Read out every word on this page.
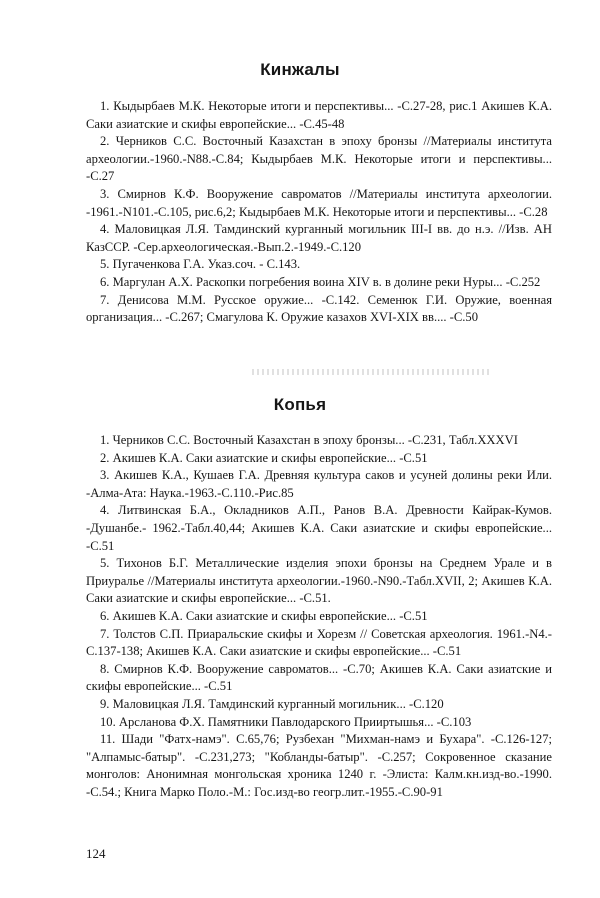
Кинжалы

1. Кыдырбаев М.К. Некоторые итоги и перспективы... -С.27-28, рис.1 Акишев К.А. Саки азиатские и скифы европейские... -С.45-48

2. Черников С.С. Восточный Казахстан в эпоху бронзы //Материалы института археологии.-1960.-N88.-С.84; Кыдырбаев М.К. Некоторые итоги и перспективы... -С.27

3. Смирнов К.Ф. Вооружение савроматов //Материалы института археологии. -1961.-N101.-С.105, рис.6,2; Кыдырбаев М.К. Некоторые итоги и перспективы... -С.28

4. Маловицкая Л.Я. Тамдинский курганный могильник III-I вв. до н.э. //Изв. АН КазССР. -Сер.археологическая.-Вып.2.-1949.-С.120

5. Пугаченкова Г.А. Указ.соч. - С.143.

6. Маргулан А.Х. Раскопки погребения воина XIV в. в долине реки Нуры... -С.252

7. Денисова М.М. Русское оружие... -С.142. Семенюк Г.И. Оружие, военная организация... -С.267; Смагулова К. Оружие казахов XVI-XIX вв.... -С.50

Копья

1. Черников С.С. Восточный Казахстан в эпоху бронзы... -С.231, Табл.XXXVI

2. Акишев К.А. Саки азиатские и скифы европейские... -С.51

3. Акишев К.А., Кушаев Г.А. Древняя культура саков и усуней долины реки Или. -Алма-Ата: Наука.-1963.-С.110.-Рис.85

4. Литвинская Б.А., Окладников А.П., Ранов В.А. Древности Кайрак-Кумов. -Душанбе.- 1962.-Табл.40,44; Акишев К.А. Саки азиатские и скифы европейские... -С.51

5. Тихонов Б.Г. Металлические изделия эпохи бронзы на Среднем Урале и в Приуралье //Материалы института археологии.-1960.-N90.-Табл.XVII, 2; Акишев К.А. Саки азиатские и скифы европейские... -С.51.

6. Акишев К.А. Саки азиатские и скифы европейские... -С.51

7. Толстов С.П. Приаральские скифы и Хорезм // Советская археология. 1961.-N4.-С.137-138; Акишев К.А. Саки азиатские и скифы европейские... -С.51

8. Смирнов К.Ф. Вооружение савроматов... -С.70; Акишев К.А. Саки азиатские и скифы европейские... -С.51

9. Маловицкая Л.Я. Тамдинский курганный могильник... -С.120

10. Арсланова Ф.Х. Памятники Павлодарского Прииртышья... -С.103

11. Шади "Фатх-намэ". С.65,76; Рузбехан "Михман-намэ и Бухара". -С.126-127; "Алпамыс-батыр". -С.231,273; "Кобланды-батыр". -С.257; Сокровенное сказание монголов: Анонимная монгольская хроника 1240 г. -Элиста: Калм.кн.изд-во.-1990. -С.54.; Книга Марко Поло.-М.: Гос.изд-во геогр.лит.-1955.-С.90-91

124
